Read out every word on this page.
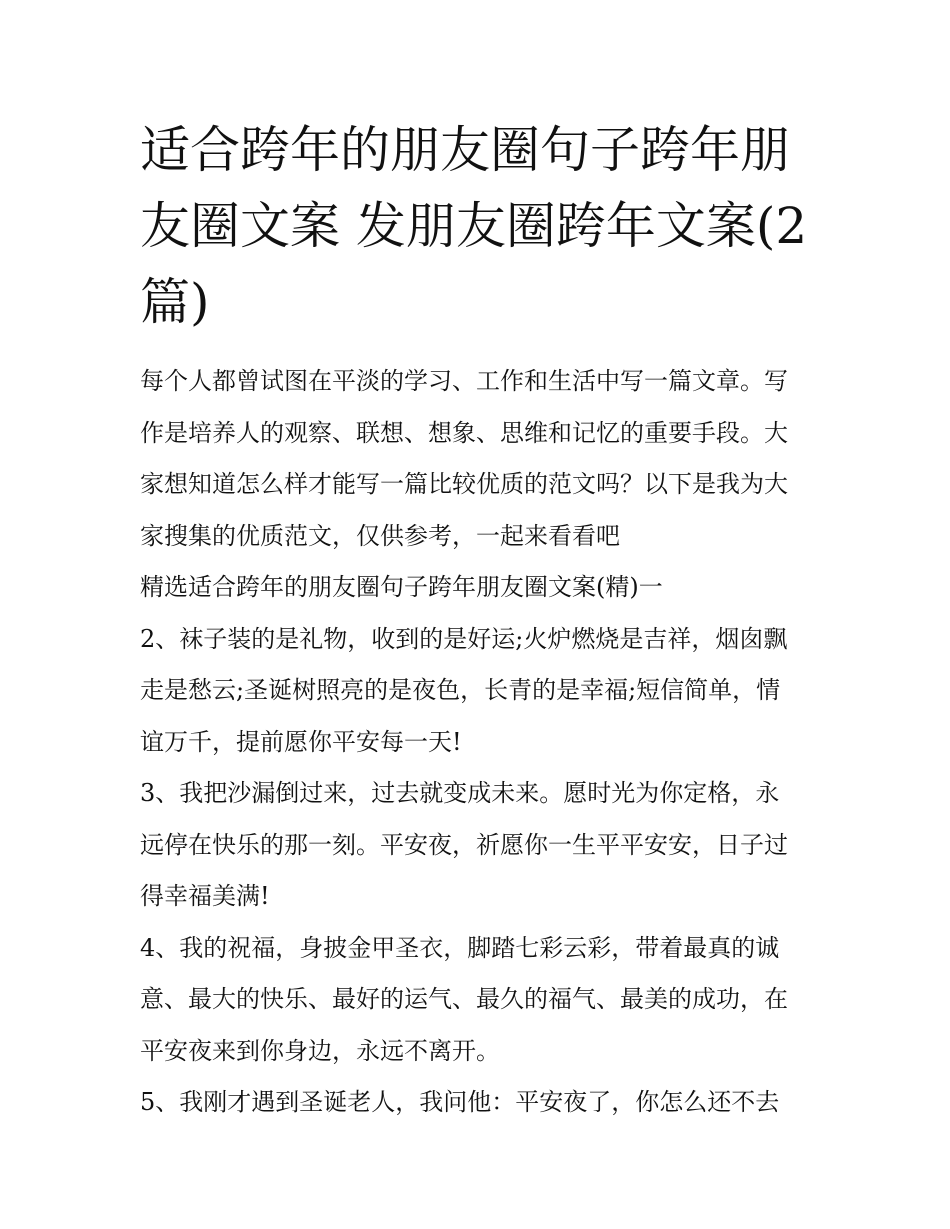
适合跨年的朋友圈句子跨年朋
友圈文案 发朋友圈跨年文案(2
篇)
每个人都曾试图在平淡的学习、工作和生活中写一篇文章。写
作是培养人的观察、联想、想象、思维和记忆的重要手段。大
家想知道怎么样才能写一篇比较优质的范文吗？以下是我为大
家搜集的优质范文，仅供参考，一起来看看吧
精选适合跨年的朋友圈句子跨年朋友圈文案(精)一
2、袜子装的是礼物，收到的是好运;火炉燃烧是吉祥，烟囱飘
走是愁云;圣诞树照亮的是夜色，长青的是幸福;短信简单，情
谊万千，提前愿你平安每一天!
3、我把沙漏倒过来，过去就变成未来。愿时光为你定格，永
远停在快乐的那一刻。平安夜，祈愿你一生平平安安，日子过
得幸福美满!
4、我的祝福，身披金甲圣衣，脚踏七彩云彩，带着最真的诚
意、最大的快乐、最好的运气、最久的福气、最美的成功，在
平安夜来到你身边，永远不离开。
5、我刚才遇到圣诞老人，我问他：平安夜了，你怎么还不去
